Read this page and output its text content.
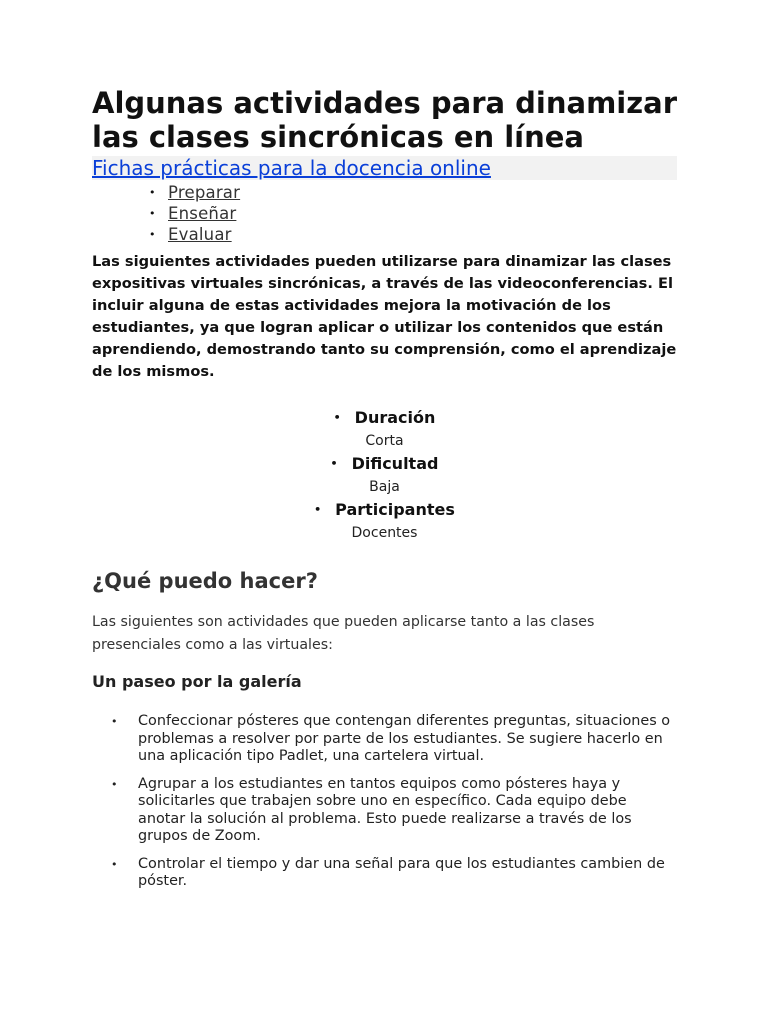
Algunas actividades para dinamizar las clases sincrónicas en línea
Fichas prácticas para la docencia online
• Preparar
• Enseñar
• Evaluar

Las siguientes actividades pueden utilizarse para dinamizar las clases expositivas virtuales sincrónicas, a través de las videoconferencias. El incluir alguna de estas actividades mejora la motivación de los estudiantes, ya que logran aplicar o utilizar los contenidos que están aprendiendo, demostrando tanto su comprensión, como el aprendizaje de los mismos.

• Duración
Corta
• Dificultad
Baja
• Participantes
Docentes
¿Qué puedo hacer?

Las siguientes son actividades que pueden aplicarse tanto a las clases presenciales como a las virtuales:

Un paseo por la galería
• Confeccionar pósteres que contengan diferentes preguntas, situaciones o problemas a resolver por parte de los estudiantes. Se sugiere hacerlo en una aplicación tipo Padlet, una cartelera virtual.
• Agrupar a los estudiantes en tantos equipos como pósteres haya y solicitarles que trabajen sobre uno en específico. Cada equipo debe anotar la solución al problema. Esto puede realizarse a través de los grupos de Zoom.
• Controlar el tiempo y dar una señal para que los estudiantes cambien de póster.
